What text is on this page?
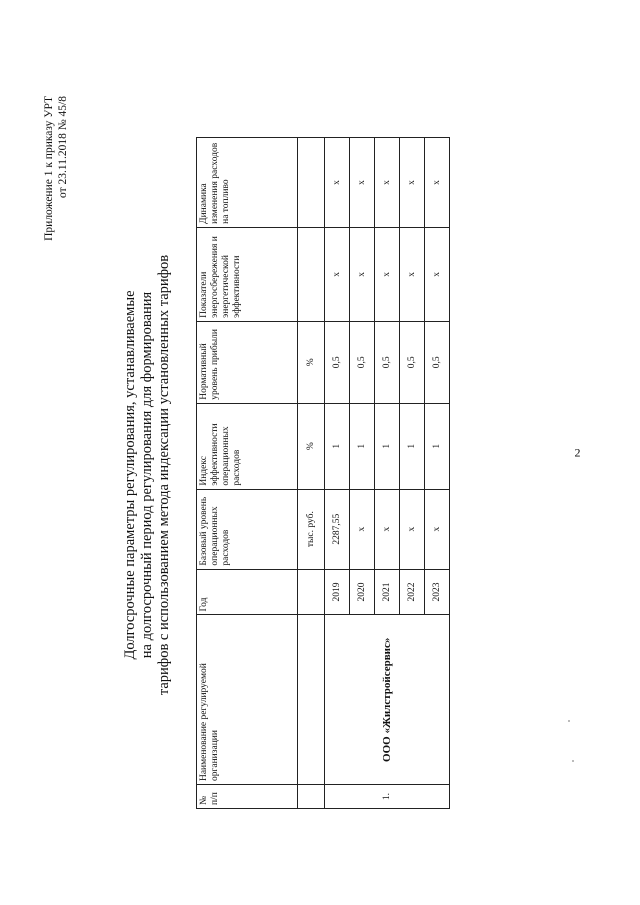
2
Приложение 1 к приказу УРТ от 23.11.2018 № 45/8
Долгосрочные параметры регулирования, устанавливаемые на долгосрочный период регулирования для формирования тарифов с использованием метода индексации установленных тарифов
№ п/п	Наименование регулируемой организации	Год	Базовый уровень операционных расходов	Индекс эффективности операционных расходов	Нормативный уровень прибыли	Показатели энергосбережения и энергетической эффективности	Динамика изменения расходов на топливо
			тыс. руб.	%	%		
1.	ООО «Жилстройсервис»	2019	2287,55	1	0,5	х	х
		2020	х	1	0,5	х	х
		2021	х	1	0,5	х	х
		2022	х	1	0,5	х	х
		2023	х	1	0,5	х	х
